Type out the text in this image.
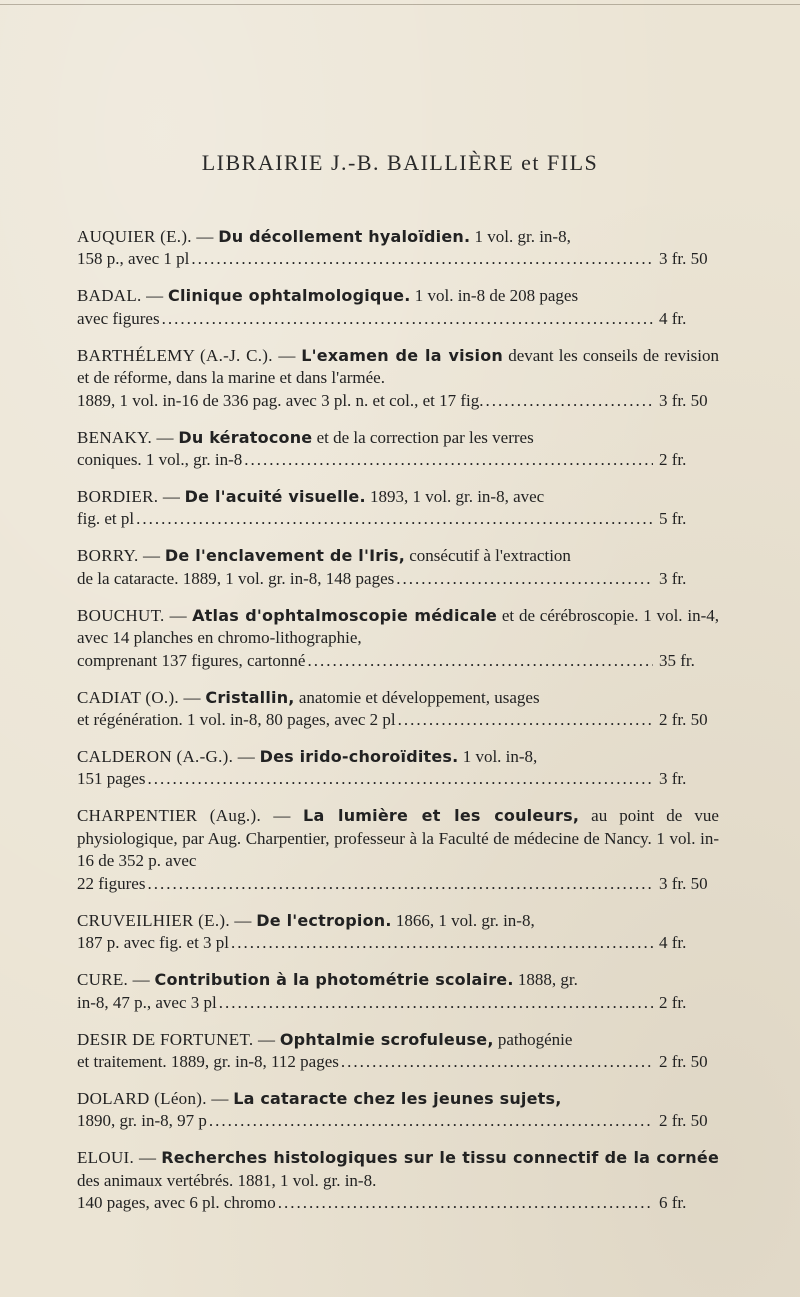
LIBRAIRIE J.-B. BAILLIÈRE et FILS
AUQUIER (E.). — Du décollement hyaloïdien. 1 vol. gr. in-8,
158 p., avec 1 pl .....	3 fr. 50
BADAL. — Clinique ophtalmologique. 1 vol. in-8 de 208 pages
avec figures .....	4 fr.
BARTHÉLEMY (A.-J. C.). — L'examen de la vision devant les conseils de revision et de réforme, dans la marine et dans l'armée.
1889, 1 vol. in-16 de 336 pag. avec 3 pl. n. et col., et 17 fig. .....	3 fr. 50
BENAKY. — Du kératocone et de la correction par les verres
coniques. 1 vol., gr. in-8 .....	2 fr.
BORDIER. — De l'acuité visuelle. 1893, 1 vol. gr. in-8, avec
fig. et pl .....	5 fr.
BORRY. — De l'enclavement de l'Iris, consécutif à l'extraction
de la cataracte. 1889, 1 vol. gr. in-8, 148 pages .....	3 fr.
BOUCHUT. — Atlas d'ophtalmoscopie médicale et de cérébroscopie. 1 vol. in-4, avec 14 planches en chromo-lithographie,
comprenant 137 figures, cartonné .....	35 fr.
CADIAT (O.). — Cristallin, anatomie et développement, usages
et régénération. 1 vol. in-8, 80 pages, avec 2 pl .....	2 fr. 50
CALDERON (A.-G.). — Des irido-choroïdites. 1 vol. in-8,
151 pages .....	3 fr.
CHARPENTIER (Aug.). — La lumière et les couleurs, au point de vue physiologique, par Aug. Charpentier, professeur à la Faculté de médecine de Nancy. 1 vol. in-16 de 352 p. avec
22 figures .....	3 fr. 50
CRUVEILHIER (E.). — De l'ectropion. 1866, 1 vol. gr. in-8,
187 p. avec fig. et 3 pl .....	4 fr.
CURE. — Contribution à la photométrie scolaire. 1888, gr.
in-8, 47 p., avec 3 pl .....	2 fr.
DESIR DE FORTUNET. — Ophtalmie scrofuleuse, pathogénie
et traitement. 1889, gr. in-8, 112 pages .....	2 fr. 50
DOLARD (Léon). — La cataracte chez les jeunes sujets,
1890, gr. in-8, 97 p .....	2 fr. 50
ELOUI. — Recherches histologiques sur le tissu connectif de la cornée des animaux vertébrés. 1881, 1 vol. gr. in-8.
140 pages, avec 6 pl. chromo .....	6 fr.
